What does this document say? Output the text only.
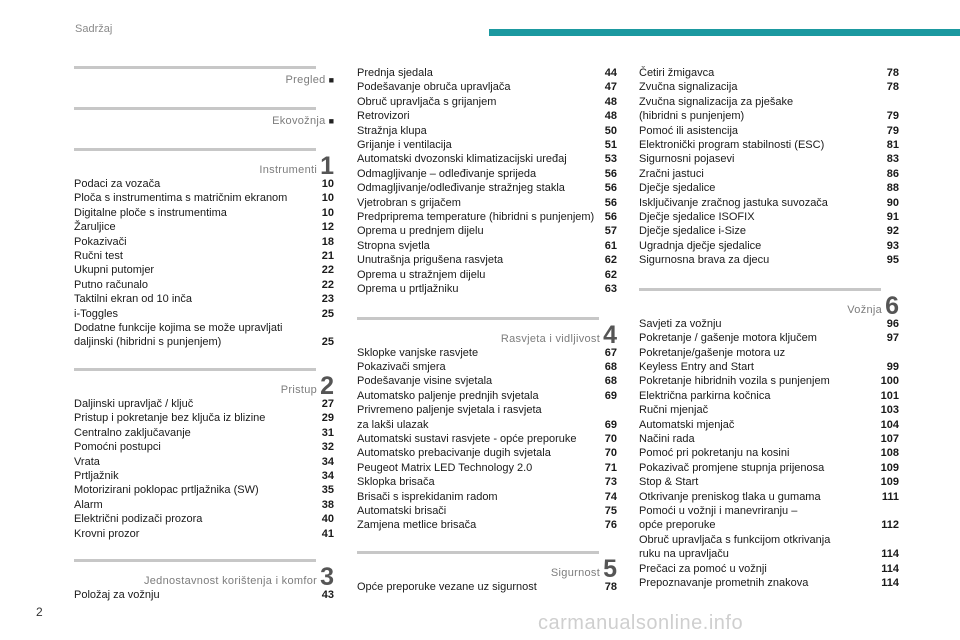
Sadržaj
Pregled ■
Ekovožnja ■
Instrumenti 1
Podaci za vozača	10
Ploča s instrumentima s matričnim ekranom	10
Digitalne ploče s instrumentima	10
Žaruljice	12
Pokazivači	18
Ručni test	21
Ukupni putomjer	22
Putno računalo	22
Taktilni ekran od 10 inča	23
i-Toggles	25
Dodatne funkcije kojima se može upravljati
daljinski (hibridni s punjenjem)	25
Pristup 2
Daljinski upravljač / ključ	27
Pristup i pokretanje bez ključa iz blizine	29
Centralno zaključavanje	31
Pomoćni postupci	32
Vrata	34
Prtljažnik	34
Motorizirani poklopac prtljažnika (SW)	35
Alarm	38
Električni podizači prozora	40
Krovni prozor	41
Jednostavnost korištenja i komfor 3
Položaj za vožnju	43
Prednja sjedala	44
Podešavanje obruča upravljača	47
Obruč upravljača s grijanjem	48
Retrovizori	48
Stražnja klupa	50
Grijanje i ventilacija	51
Automatski dvozonski klimatizacijski uređaj	53
Odmagljivanje – odleđivanje sprijeda	56
Odmagljivanje/odleđivanje stražnjeg stakla	56
Vjetrobran s grijačem	56
Predpriprema temperature (hibridni s punjenjem) 56
Oprema u prednjem dijelu	57
Stropna svjetla	61
Unutrašnja prigušena rasvjeta	62
Oprema u stražnjem dijelu	62
Oprema u prtljažniku	63
Rasvjeta i vidljivost 4
Sklopke vanjske rasvjete	67
Pokazivači smjera	68
Podešavanje visine svjetala	68
Automatsko paljenje prednjih svjetala	69
Privremeno paljenje svjetala i rasvjeta
za lakši ulazak	69
Automatski sustavi rasvjete - opće preporuke	70
Automatsko prebacivanje dugih svjetala	70
Peugeot Matrix LED Technology 2.0	71
Sklopka brisača	73
Brisači s isprekidanim radom	74
Automatski brisači	75
Zamjena metlice brisača	76
Sigurnost 5
Opće preporuke vezane uz sigurnost	78
Četiri žmigavca	78
Zvučna signalizacija	78
Zvučna signalizacija za pješake
(hibridni s punjenjem)	79
Pomoć ili asistencija	79
Elektronički program stabilnosti (ESC)	81
Sigurnosni pojasevi	83
Zračni jastuci	86
Dječje sjedalice	88
Isključivanje zračnog jastuka suvozača	90
Dječje sjedalice ISOFIX	91
Dječje sjedalice i-Size	92
Ugradnja dječje sjedalice	93
Sigurnosna brava za djecu	95
Vožnja 6
Savjeti za vožnju	96
Pokretanje / gašenje motora ključem	97
Pokretanje/gašenje motora uz
Keyless Entry and Start	99
Pokretanje hibridnih vozila s punjenjem	100
Električna parkirna kočnica	101
Ručni mjenjač	103
Automatski mjenjač	104
Načini rada	107
Pomoć pri pokretanju na kosini	108
Pokazivač promjene stupnja prijenosa	109
Stop & Start	109
Otkrivanje preniskog tlaka u gumama	111
Pomoći u vožnji i manevriranju –
opće preporuke	112
Obruč upravljača s funkcijom otkrivanja
ruku na upravljaču	114
Prečaci za pomoć u vožnji	114
Prepoznavanje prometnih znakova	114
2	carmanualsonline.info
